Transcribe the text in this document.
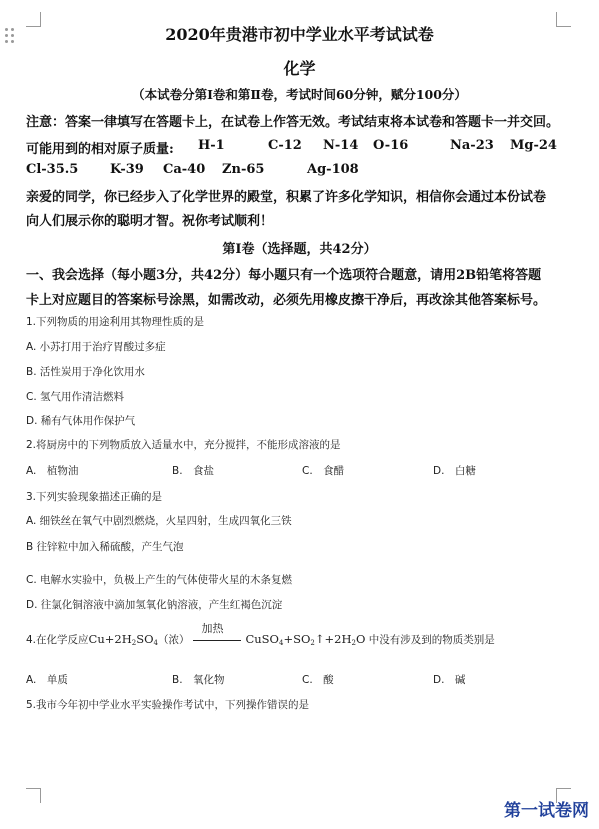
2020年贵港市初中学业水平考试试卷
化学
（本试卷分第Ⅰ卷和第Ⅱ卷，考试时间60分钟，赋分100分）
注意：答案一律填写在答题卡上，在试卷上作答无效。考试结束将本试卷和答题卡一并交回。
可能用到的相对原子质量: H-1	C-12 N-14 O-16	Na-23 Mg-24
Cl-35.5 K-39 Ca-40 Zn-65	Ag-108
亲爱的同学，你已经步入了化学世界的殿堂，积累了许多化学知识，相信你会通过本份试卷
向人们展示你的聪明才智。祝你考试顺利！
第Ⅰ卷（选择题，共42分）
一、我会选择（每小题3分，共42分）每小题只有一个选项符合题意，请用2B铅笔将答题
卡上对应题目的答案标号涂黑，如需改动，必须先用橡皮擦干净后，再改涂其他答案标号。
1.下列物质的用途利用其物理性质的是
A. 小苏打用于治疗胃酸过多症
B. 活性炭用于净化饮用水
C. 氢气用作清洁燃料
D. 稀有气体用作保护气
2.将厨房中的下列物质放入适量水中，充分搅拌，不能形成溶液的是
A.　植物油	B.　食盐	C.　食醋	D.　白糖
3.下列实验现象描述正确的是
A. 细铁丝在氧气中剧烈燃烧，火星四射，生成四氧化三铁
B 往锌粒中加入稀硫酸，产生气泡
C. 电解水实验中，负极上产生的气体使带火星的木条复燃
D. 往氯化铜溶液中滴加氢氧化钠溶液，产生红褐色沉淀
4.在化学反应$Cu+2H_2SO_4$（浓）
加热
$CuSO_4+SO_2↑+2H_2O$ 中没有涉及到的物质类别是
A.　单质	B.　氧化物	C.　酸	D.　碱
5.我市今年初中学业水平实验操作考试中，下列操作错误的是
第一试卷网
